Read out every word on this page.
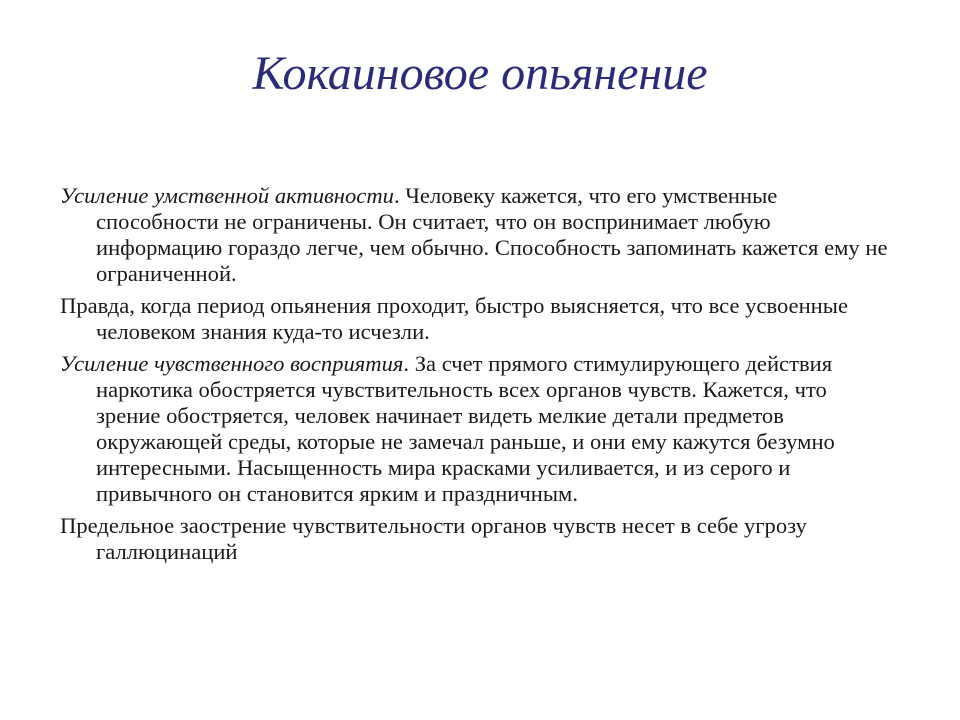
Кокаиновое опьянение

Усиление умственной активности. Человеку кажется, что его умственные способности не ограничены. Он считает, что он воспринимает любую информацию гораздо легче, чем обычно. Способность запоминать кажется ему не ограниченной.

Правда, когда период опьянения проходит, быстро выясняется, что все усвоенные человеком знания куда-то исчезли.

Усиление чувственного восприятия. За счет прямого стимулирующего действия наркотика обостряется чувствительность всех органов чувств. Кажется, что зрение обостряется, человек начинает видеть мелкие детали предметов окружающей среды, которые не замечал раньше, и они ему кажутся безумно интересными. Насыщенность мира красками усиливается, и из серого и привычного он становится ярким и праздничным.

Предельное заострение чувствительности органов чувств несет в себе угрозу галлюцинаций
